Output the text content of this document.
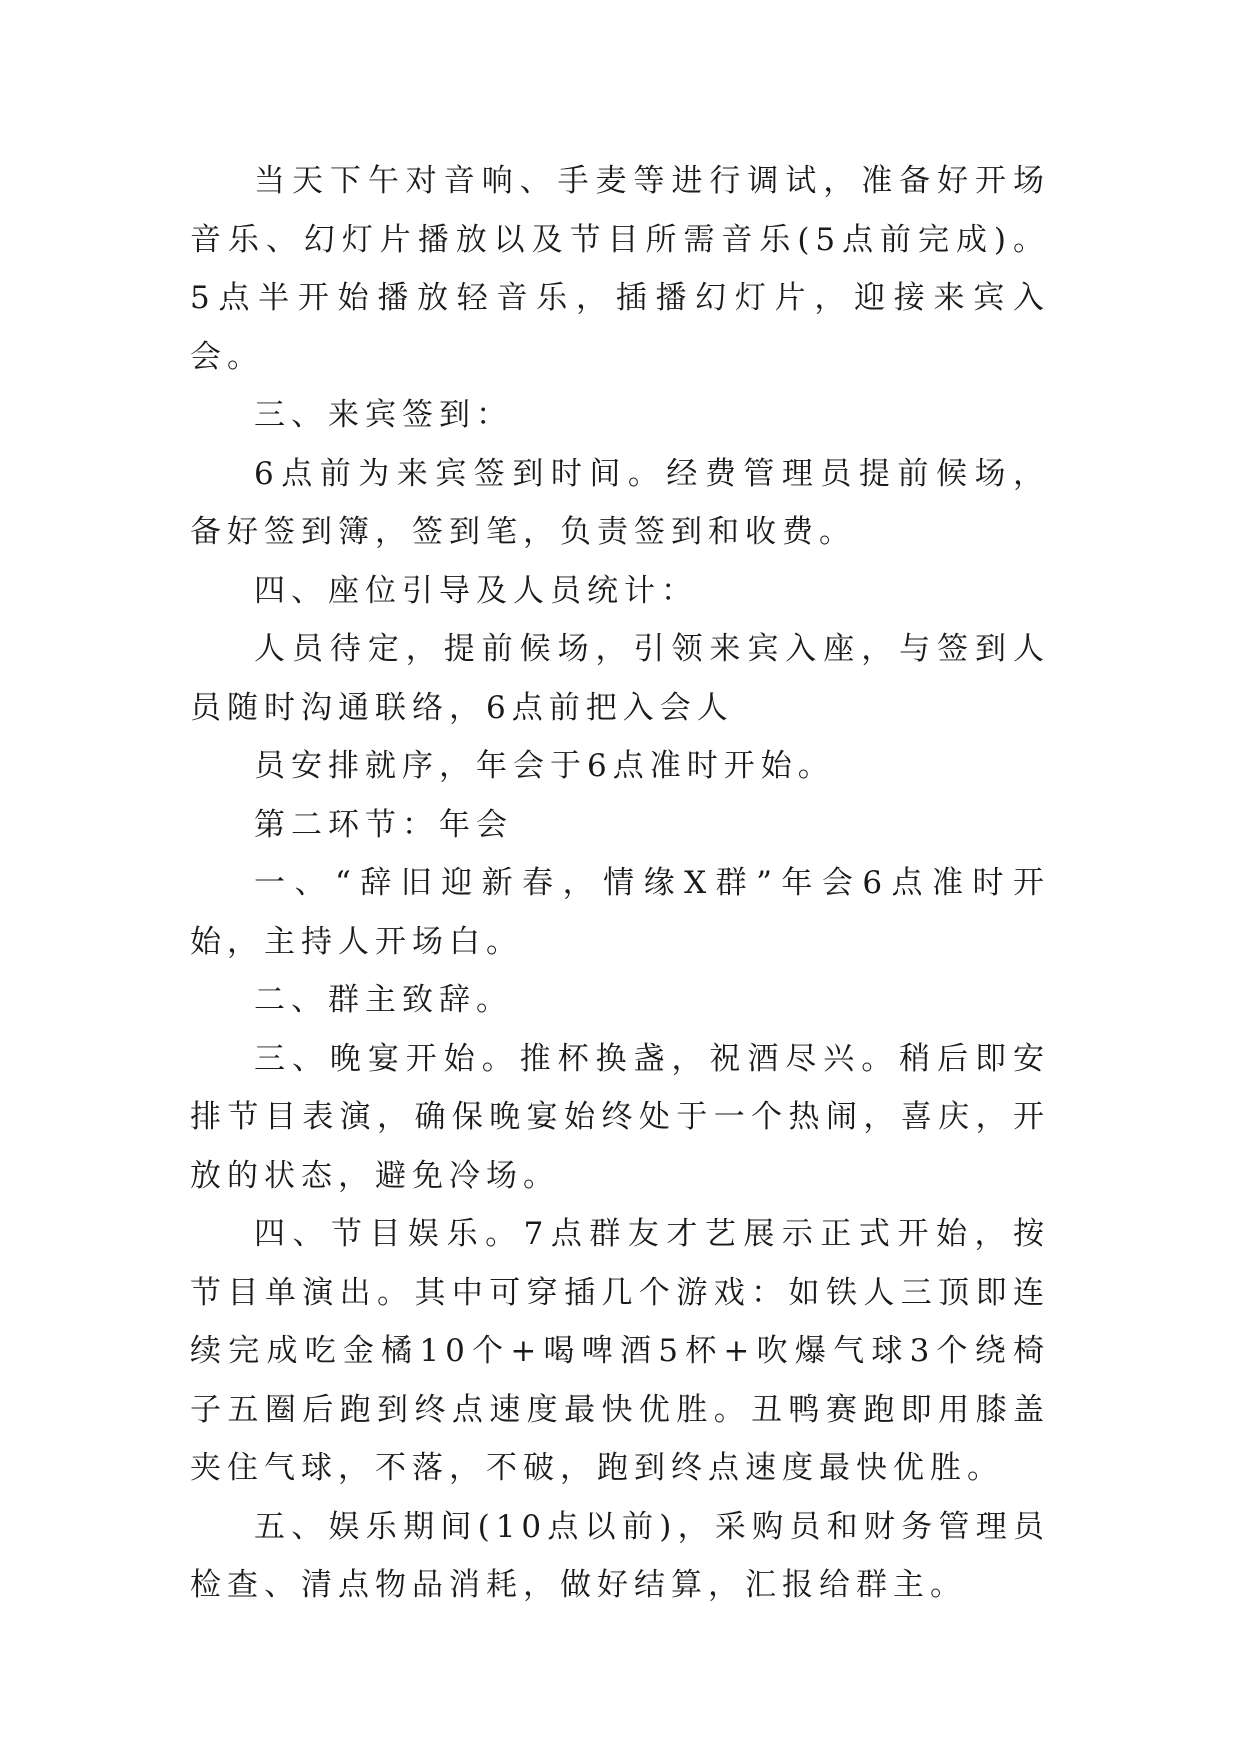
当天下午对音响、手麦等进行调试，准备好开场音乐、幻灯片播放以及节目所需音乐(5点前完成)。5点半开始播放轻音乐，插播幻灯片，迎接来宾入会。

三、来宾签到：

6点前为来宾签到时间。经费管理员提前候场，备好签到簿，签到笔，负责签到和收费。

四、座位引导及人员统计：

人员待定，提前候场，引领来宾入座，与签到人员随时沟通联络，6点前把入会人

员安排就序，年会于6点准时开始。

第二环节：年会

一、“辞旧迎新春，情缘X群”年会6点准时开始，主持人开场白。

二、群主致辞。

三、晚宴开始。推杯换盏，祝酒尽兴。稍后即安排节目表演，确保晚宴始终处于一个热闹，喜庆，开放的状态，避免冷场。

四、节目娱乐。7点群友才艺展示正式开始，按节目单演出。其中可穿插几个游戏：如铁人三顶即连续完成吃金橘10个+喝啤酒5杯+吹爆气球3个绕椅子五圈后跑到终点速度最快优胜。丑鸭赛跑即用膝盖夹住气球，不落，不破，跑到终点速度最快优胜。

五、娱乐期间(10点以前)，采购员和财务管理员检查、清点物品消耗，做好结算，汇报给群主。
